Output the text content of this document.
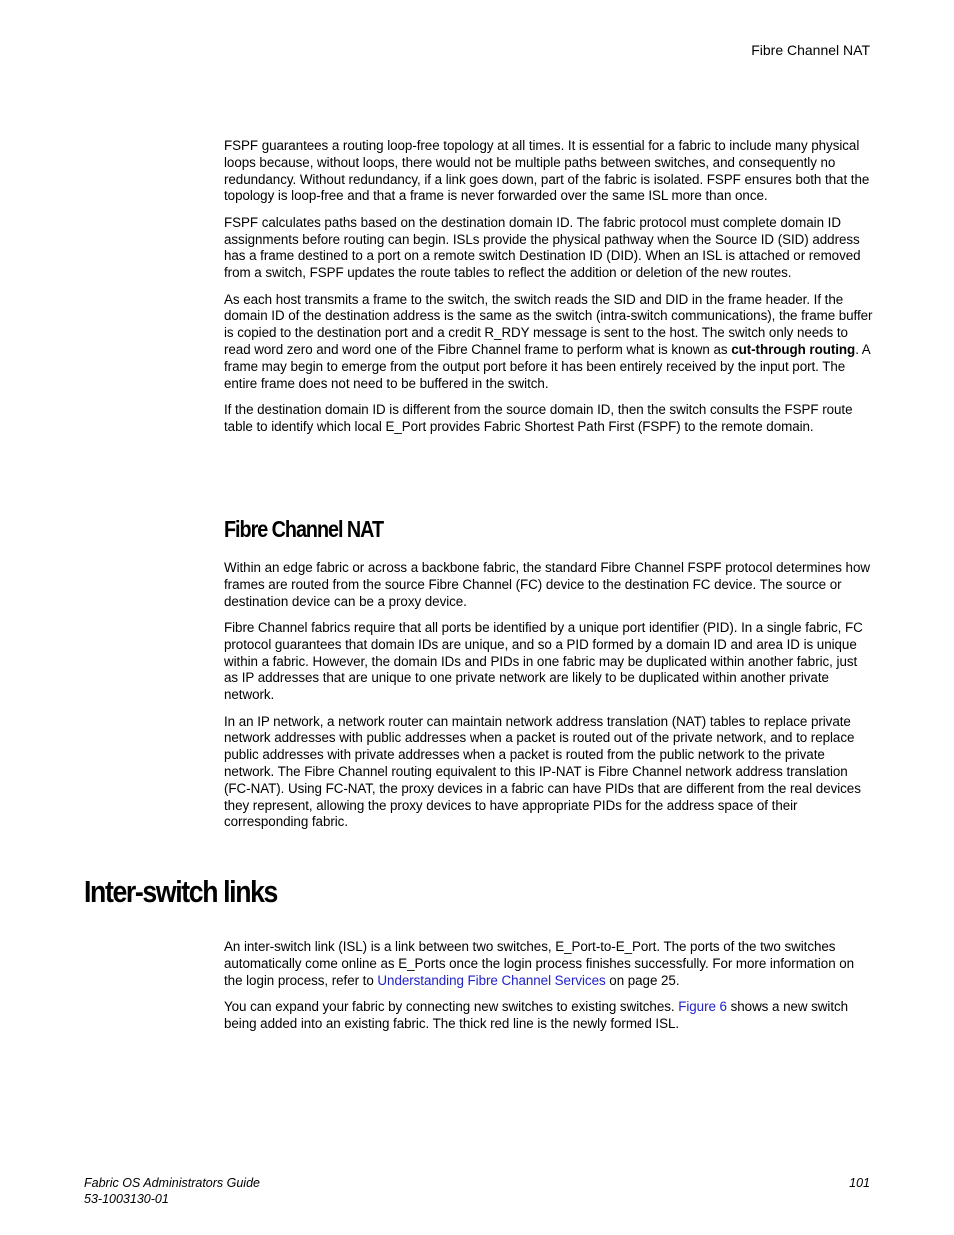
Fibre Channel NAT

FSPF guarantees a routing loop-free topology at all times. It is essential for a fabric to include many physical loops because, without loops, there would not be multiple paths between switches, and consequently no redundancy. Without redundancy, if a link goes down, part of the fabric is isolated. FSPF ensures both that the topology is loop-free and that a frame is never forwarded over the same ISL more than once.

FSPF calculates paths based on the destination domain ID. The fabric protocol must complete domain ID assignments before routing can begin. ISLs provide the physical pathway when the Source ID (SID) address has a frame destined to a port on a remote switch Destination ID (DID). When an ISL is attached or removed from a switch, FSPF updates the route tables to reflect the addition or deletion of the new routes.

As each host transmits a frame to the switch, the switch reads the SID and DID in the frame header. If the domain ID of the destination address is the same as the switch (intra-switch communications), the frame buffer is copied to the destination port and a credit R_RDY message is sent to the host. The switch only needs to read word zero and word one of the Fibre Channel frame to perform what is known as cut-through routing. A frame may begin to emerge from the output port before it has been entirely received by the input port. The entire frame does not need to be buffered in the switch.

If the destination domain ID is different from the source domain ID, then the switch consults the FSPF route table to identify which local E_Port provides Fabric Shortest Path First (FSPF) to the remote domain.

Fibre Channel NAT

Within an edge fabric or across a backbone fabric, the standard Fibre Channel FSPF protocol determines how frames are routed from the source Fibre Channel (FC) device to the destination FC device. The source or destination device can be a proxy device.

Fibre Channel fabrics require that all ports be identified by a unique port identifier (PID). In a single fabric, FC protocol guarantees that domain IDs are unique, and so a PID formed by a domain ID and area ID is unique within a fabric. However, the domain IDs and PIDs in one fabric may be duplicated within another fabric, just as IP addresses that are unique to one private network are likely to be duplicated within another private network.

In an IP network, a network router can maintain network address translation (NAT) tables to replace private network addresses with public addresses when a packet is routed out of the private network, and to replace public addresses with private addresses when a packet is routed from the public network to the private network. The Fibre Channel routing equivalent to this IP-NAT is Fibre Channel network address translation (FC-NAT). Using FC-NAT, the proxy devices in a fabric can have PIDs that are different from the real devices they represent, allowing the proxy devices to have appropriate PIDs for the address space of their corresponding fabric.

Inter-switch links

An inter-switch link (ISL) is a link between two switches, E_Port-to-E_Port. The ports of the two switches automatically come online as E_Ports once the login process finishes successfully. For more information on the login process, refer to Understanding Fibre Channel Services on page 25.

You can expand your fabric by connecting new switches to existing switches. Figure 6 shows a new switch being added into an existing fabric. The thick red line is the newly formed ISL.

Fabric OS Administrators Guide
53-1003130-01
101
